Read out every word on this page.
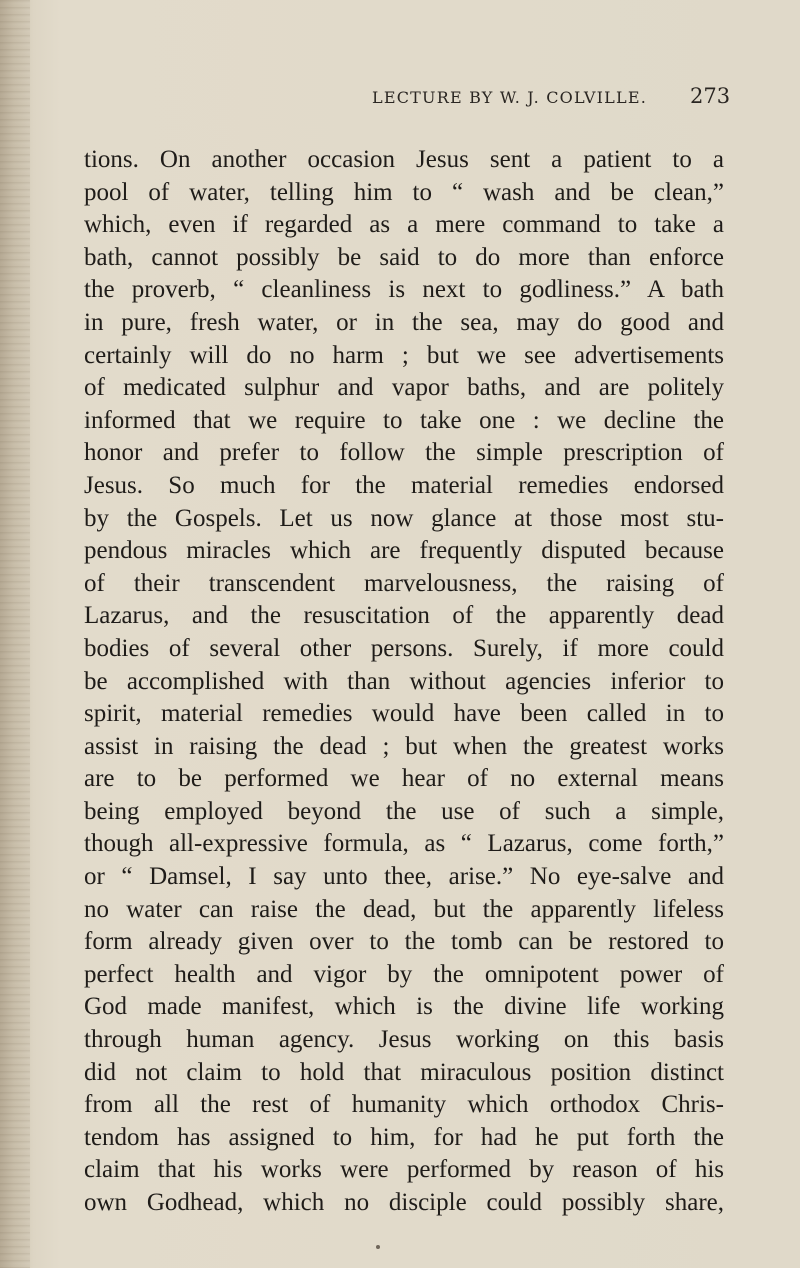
LECTURE BY W. J. COLVILLE. 273
tions. On another occasion Jesus sent a patient to a
pool of water, telling him to “ wash and be clean,”
which, even if regarded as a mere command to take a
bath, cannot possibly be said to do more than enforce
the proverb, “ cleanliness is next to godliness.” A bath
in pure, fresh water, or in the sea, may do good and
certainly will do no harm ; but we see advertisements
of medicated sulphur and vapor baths, and are politely
informed that we require to take one : we decline the
honor and prefer to follow the simple prescription of
Jesus. So much for the material remedies endorsed
by the Gospels. Let us now glance at those most stu-
pendous miracles which are frequently disputed because
of their transcendent marvelousness, the raising of
Lazarus, and the resuscitation of the apparently dead
bodies of several other persons. Surely, if more could
be accomplished with than without agencies inferior to
spirit, material remedies would have been called in to
assist in raising the dead ; but when the greatest works
are to be performed we hear of no external means
being employed beyond the use of such a simple,
though all-expressive formula, as “ Lazarus, come forth,”
or “ Damsel, I say unto thee, arise.” No eye-salve and
no water can raise the dead, but the apparently lifeless
form already given over to the tomb can be restored to
perfect health and vigor by the omnipotent power of
God made manifest, which is the divine life working
through human agency. Jesus working on this basis
did not claim to hold that miraculous position distinct
from all the rest of humanity which orthodox Chris-
tendom has assigned to him, for had he put forth the
claim that his works were performed by reason of his
own Godhead, which no disciple could possibly share,
